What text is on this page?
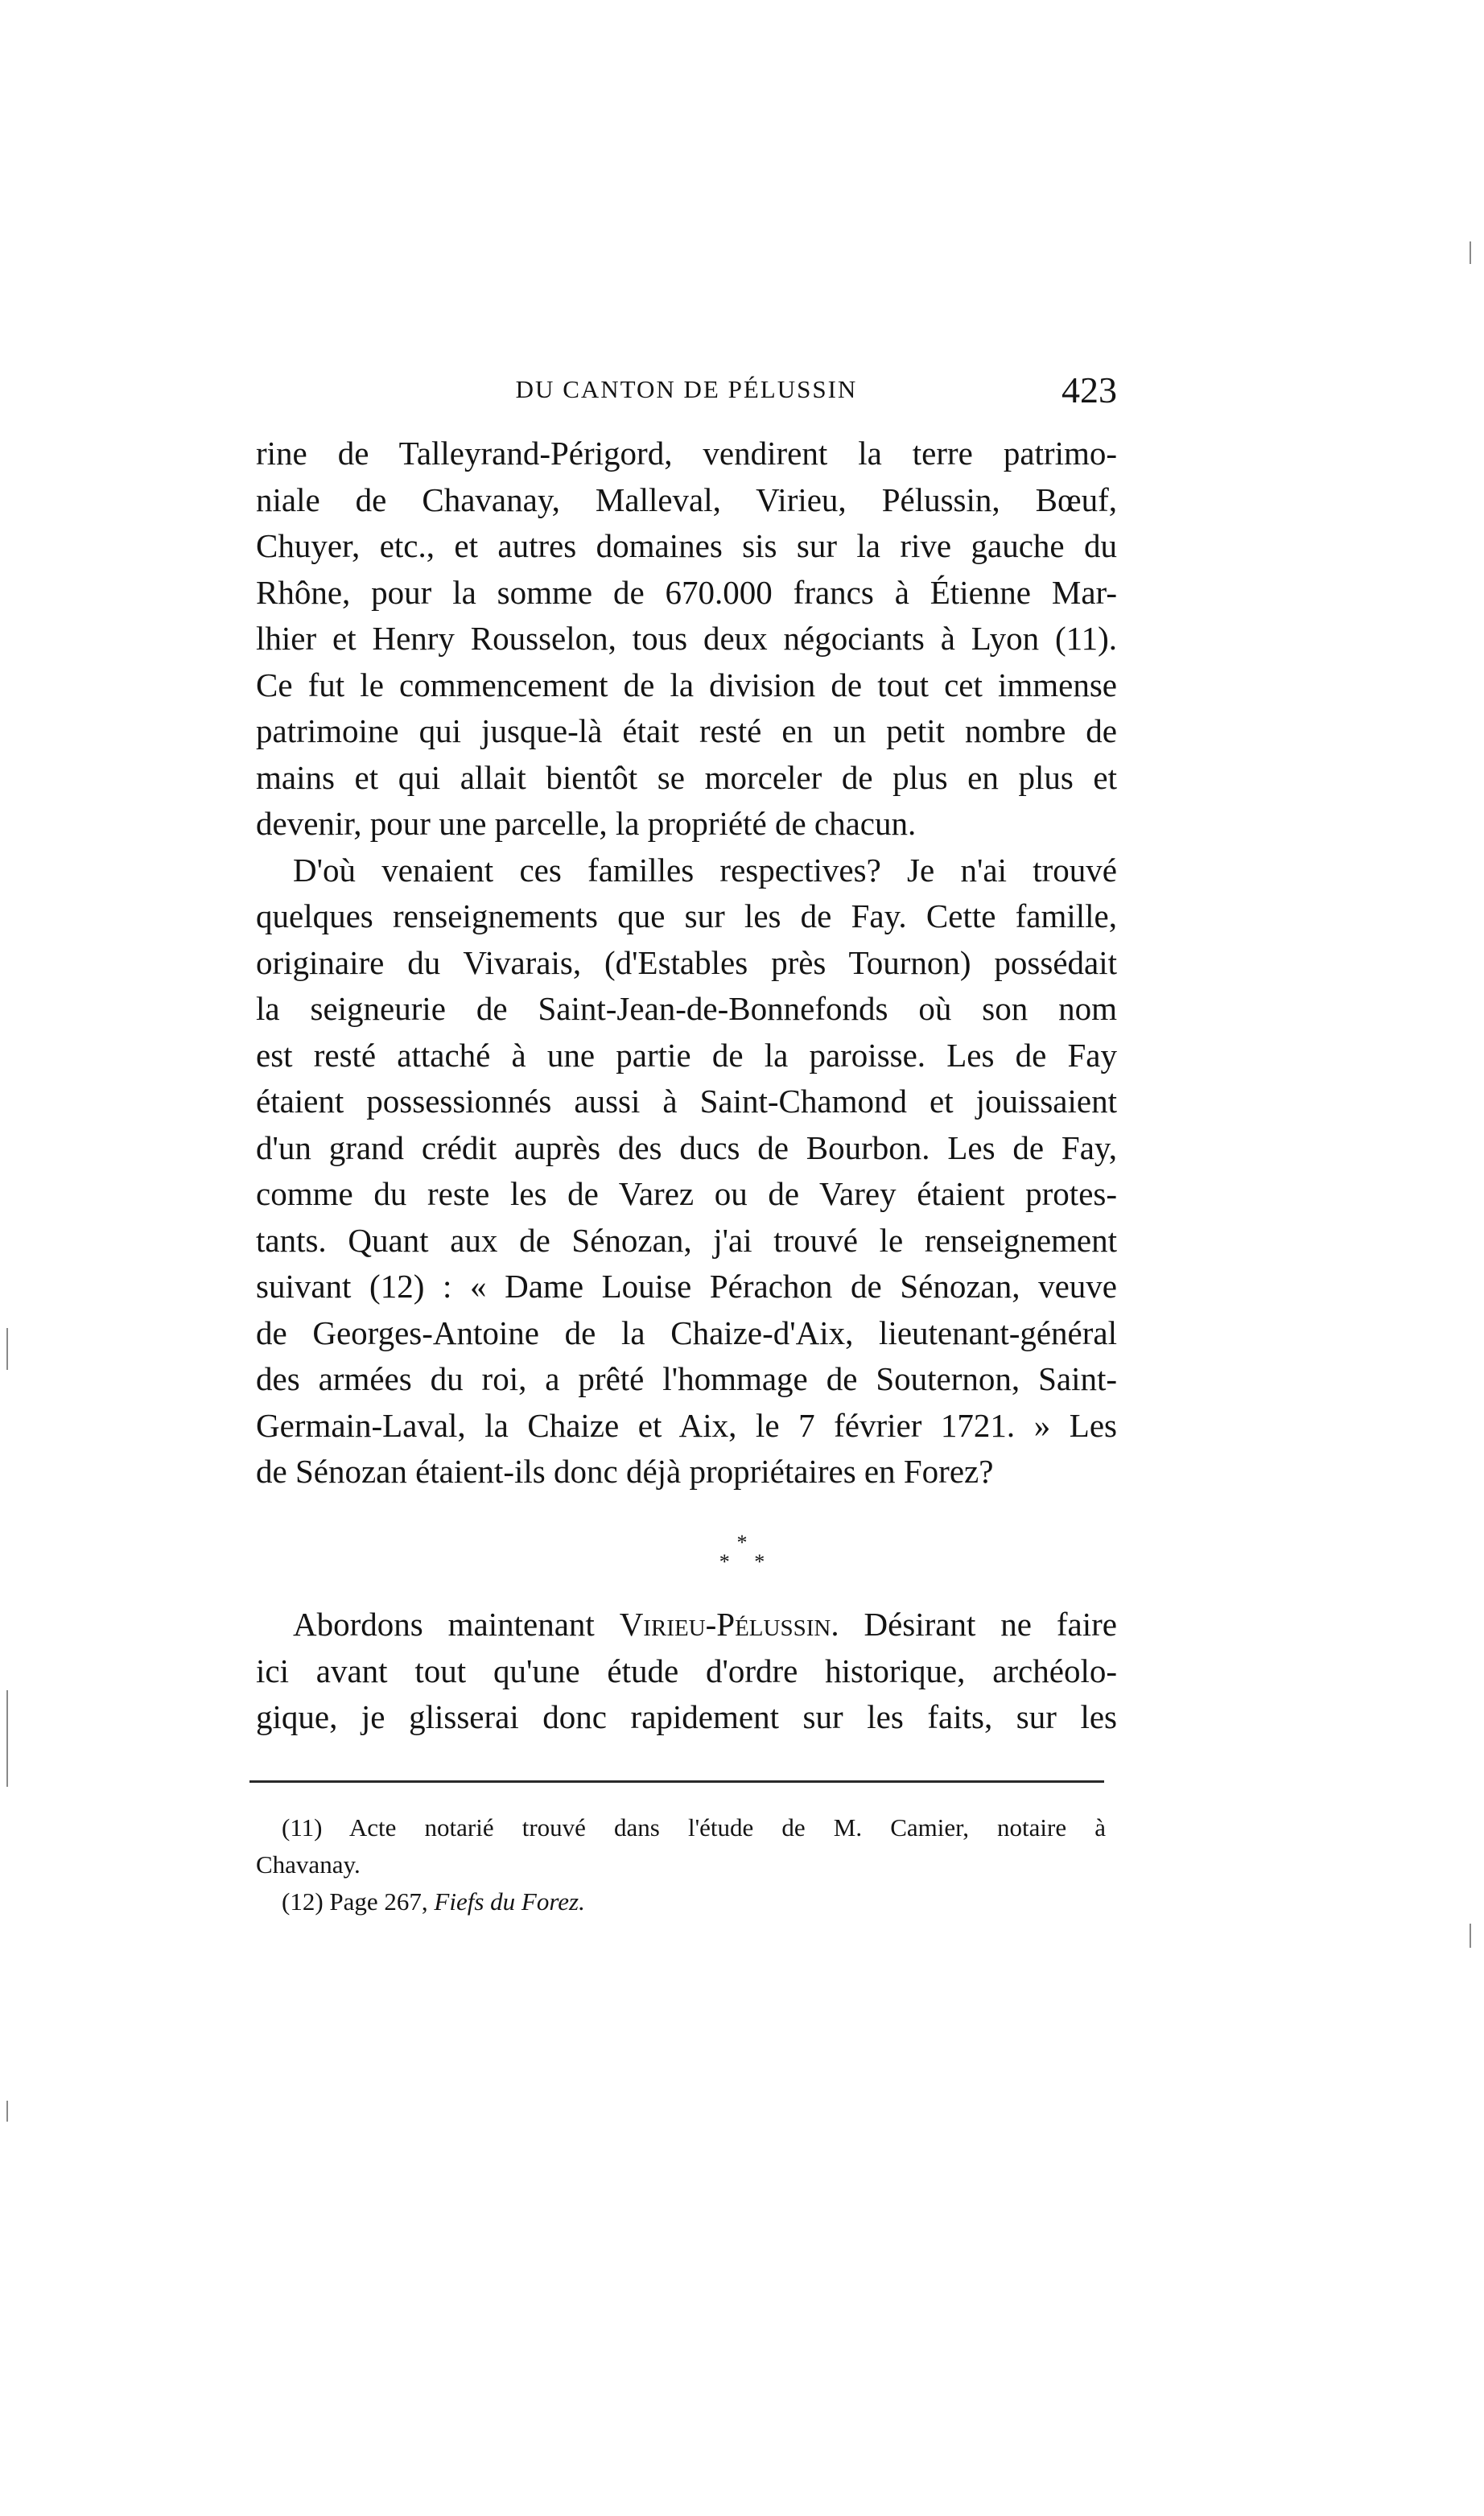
DU CANTON DE PÉLUSSIN	423
rine de Talleyrand-Périgord, vendirent la terre patrimo-
niale de Chavanay, Malleval, Virieu, Pélussin, Bœuf,
Chuyer, etc., et autres domaines sis sur la rive gauche du
Rhône, pour la somme de 670.000 francs à Étienne Mar-
lhier et Henry Rousselon, tous deux négociants à Lyon (11).
Ce fut le commencement de la division de tout cet immense
patrimoine qui jusque-là était resté en un petit nombre de
mains et qui allait bientôt se morceler de plus en plus et
devenir, pour une parcelle, la propriété de chacun.
D'où venaient ces familles respectives? Je n'ai trouvé
quelques renseignements que sur les de Fay. Cette famille,
originaire du Vivarais, (d'Estables près Tournon) possédait
la seigneurie de Saint-Jean-de-Bonnefonds où son nom
est resté attaché à une partie de la paroisse. Les de Fay
étaient possessionnés aussi à Saint-Chamond et jouissaient
d'un grand crédit auprès des ducs de Bourbon. Les de Fay,
comme du reste les de Varez ou de Varey étaient protes-
tants. Quant aux de Sénozan, j'ai trouvé le renseignement
suivant (12) : « Dame Louise Pérachon de Sénozan, veuve
de Georges-Antoine de la Chaize-d'Aix, lieutenant-général
des armées du roi, a prêté l'hommage de Souternon, Saint-
Germain-Laval, la Chaize et Aix, le 7 février 1721. » Les
de Sénozan étaient-ils donc déjà propriétaires en Forez?
*
* *
Abordons maintenant Virieu-Pélussin. Désirant ne faire
ici avant tout qu'une étude d'ordre historique, archéolo-
gique, je glisserai donc rapidement sur les faits, sur les
(11) Acte notarié trouvé dans l'étude de M. Camier, notaire à
Chavanay.
(12) Page 267, Fiefs du Forez.
